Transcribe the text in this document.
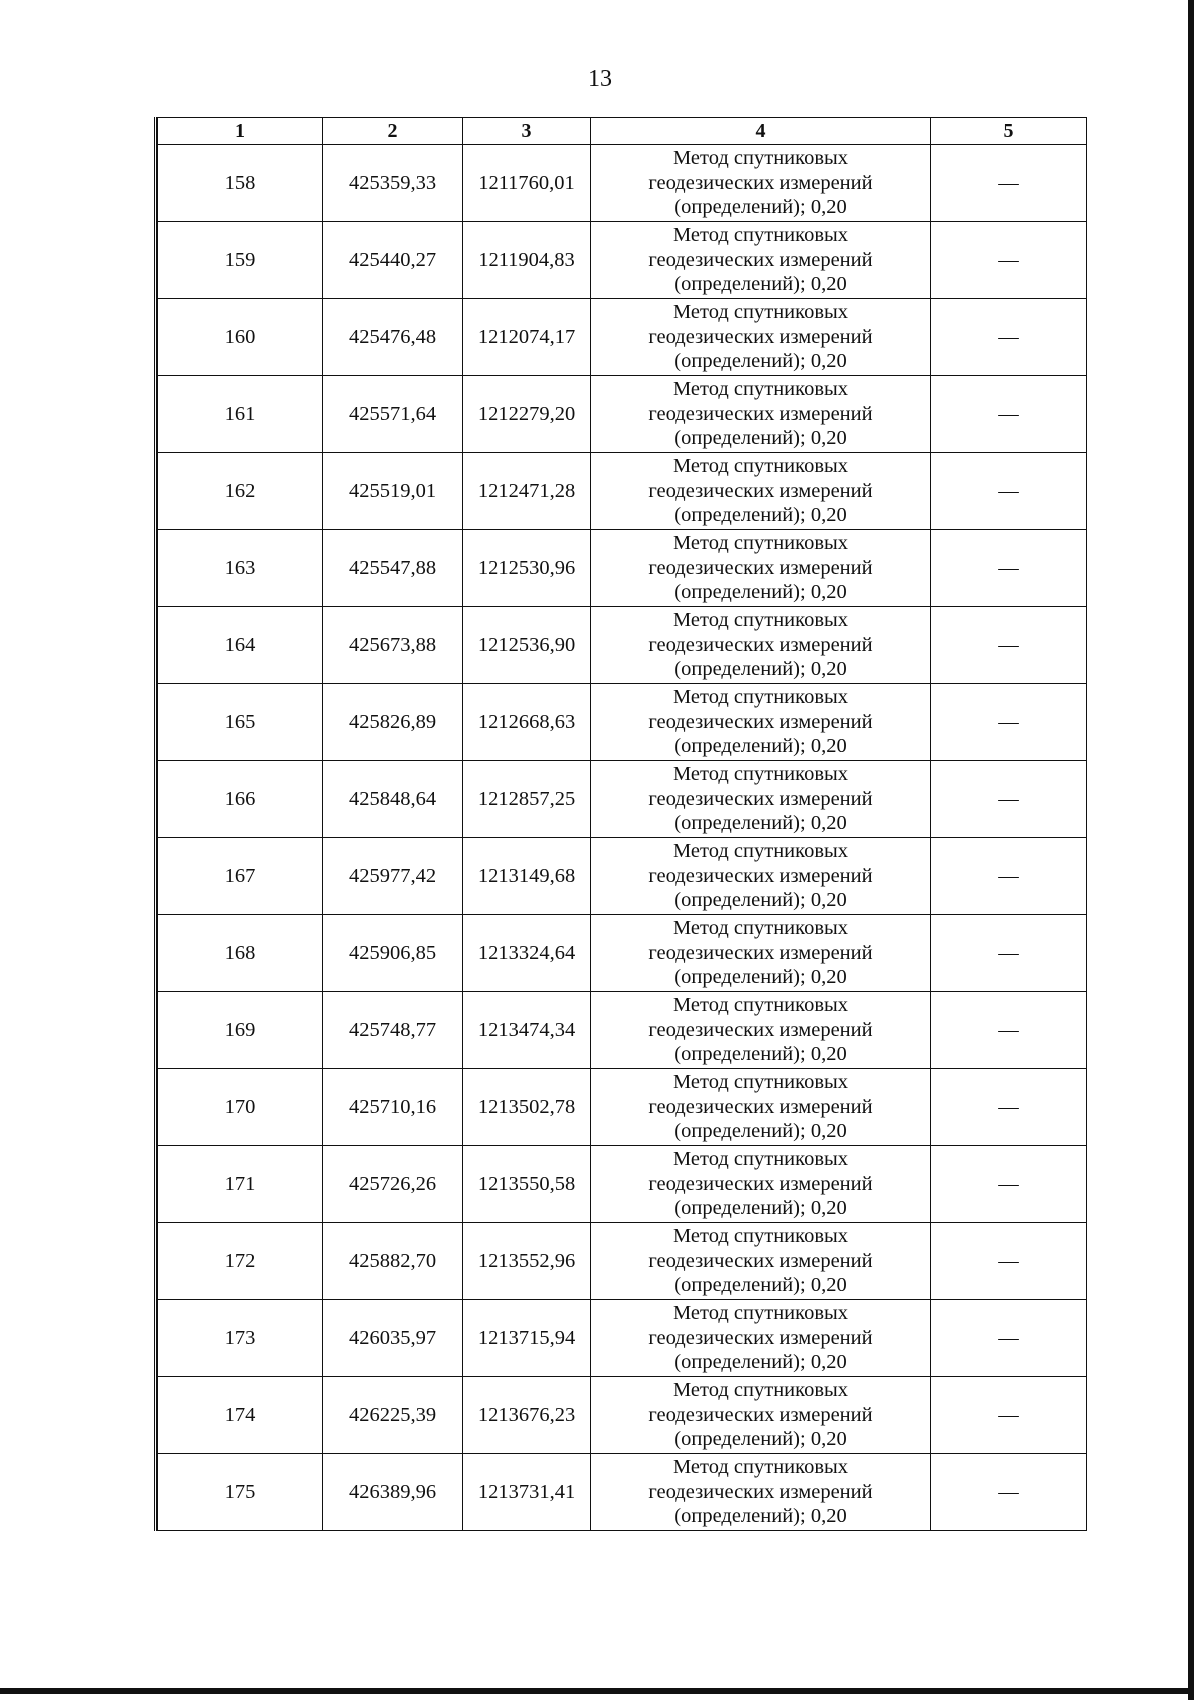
13
1	2	3	4	5
158	425359,33	1211760,01	Метод спутниковых
геодезических измерений
(определений); 0,20	—
159	425440,27	1211904,83	Метод спутниковых
геодезических измерений
(определений); 0,20	—
160	425476,48	1212074,17	Метод спутниковых
геодезических измерений
(определений); 0,20	—
161	425571,64	1212279,20	Метод спутниковых
геодезических измерений
(определений); 0,20	—
162	425519,01	1212471,28	Метод спутниковых
геодезических измерений
(определений); 0,20	—
163	425547,88	1212530,96	Метод спутниковых
геодезических измерений
(определений); 0,20	—
164	425673,88	1212536,90	Метод спутниковых
геодезических измерений
(определений); 0,20	—
165	425826,89	1212668,63	Метод спутниковых
геодезических измерений
(определений); 0,20	—
166	425848,64	1212857,25	Метод спутниковых
геодезических измерений
(определений); 0,20	—
167	425977,42	1213149,68	Метод спутниковых
геодезических измерений
(определений); 0,20	—
168	425906,85	1213324,64	Метод спутниковых
геодезических измерений
(определений); 0,20	—
169	425748,77	1213474,34	Метод спутниковых
геодезических измерений
(определений); 0,20	—
170	425710,16	1213502,78	Метод спутниковых
геодезических измерений
(определений); 0,20	—
171	425726,26	1213550,58	Метод спутниковых
геодезических измерений
(определений); 0,20	—
172	425882,70	1213552,96	Метод спутниковых
геодезических измерений
(определений); 0,20	—
173	426035,97	1213715,94	Метод спутниковых
геодезических измерений
(определений); 0,20	—
174	426225,39	1213676,23	Метод спутниковых
геодезических измерений
(определений); 0,20	—
175	426389,96	1213731,41	Метод спутниковых
геодезических измерений
(определений); 0,20	—
